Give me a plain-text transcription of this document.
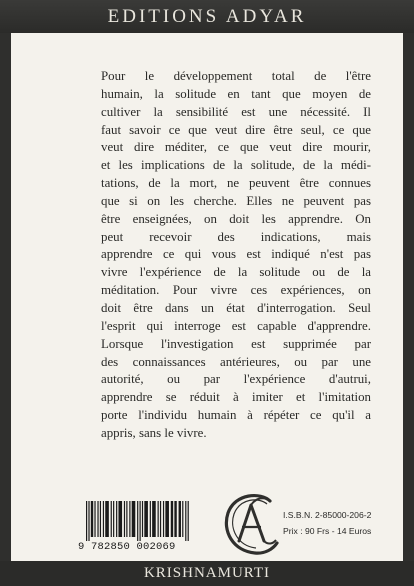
EDITIONS ADYAR

Pour le développement total de l'être
humain, la solitude en tant que moyen de
cultiver la sensibilité est une nécessité. Il
faut savoir ce que veut dire être seul, ce que
veut dire méditer, ce que veut dire mourir,
et les implications de la solitude, de la médi-
tations, de la mort, ne peuvent être connues
que si on les cherche. Elles ne peuvent pas
être enseignées, on doit les apprendre. On
peut recevoir des indications, mais
apprendre ce qui vous est indiqué n'est pas
vivre l'expérience de la solitude ou de la
méditation. Pour vivre ces expériences, on
doit être dans un état d'interrogation. Seul
l'esprit qui interroge est capable d'apprendre.
Lorsque l'investigation est supprimée par
des connaissances antérieures, ou par une
autorité, ou par l'expérience d'autrui,
apprendre se réduit à imiter et l'imitation
porte l'individu humain à répéter ce qu'il a
appris, sans le vivre.

9 782850 002069
I.S.B.N. 2-85000-206-2
Prix : 90 Frs - 14 Euros
KRISHNAMURTI
